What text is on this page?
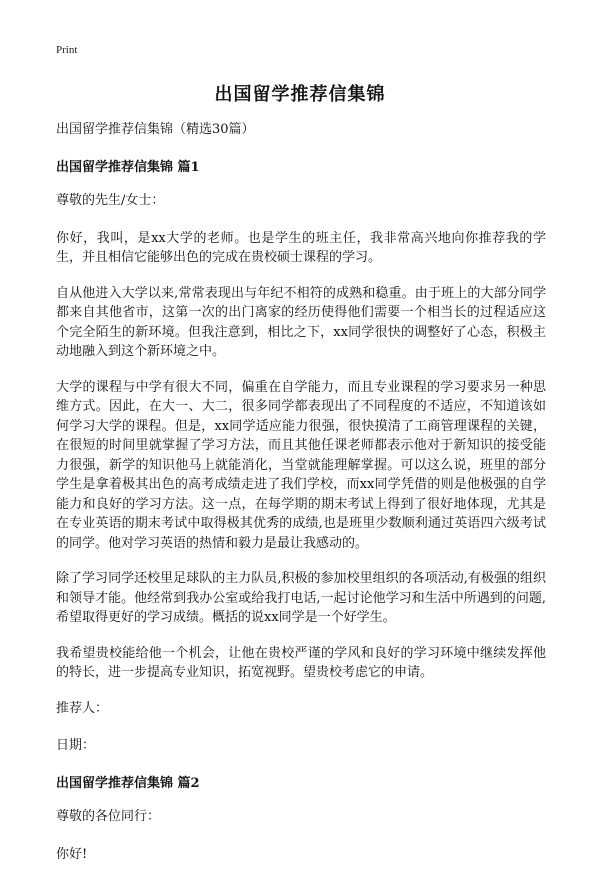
Print
出国留学推荐信集锦

出国留学推荐信集锦（精选30篇）

出国留学推荐信集锦 篇1

尊敬的先生/女士：

你好，我叫，是xx大学的老师。也是学生的班主任，我非常高兴地向你推荐我的学生，并且相信它能够出色的完成在贵校硕士课程的学习。

自从他进入大学以来,常常表现出与年纪不相符的成熟和稳重。由于班上的大部分同学都来自其他省市，这第一次的出门离家的经历使得他们需要一个相当长的过程适应这个完全陌生的新环境。但我注意到，相比之下，xx同学很快的调整好了心态，积极主动地融入到这个新环境之中。

大学的课程与中学有很大不同，偏重在自学能力，而且专业课程的学习要求另一种思维方式。因此，在大一、大二，很多同学都表现出了不同程度的不适应，不知道该如何学习大学的课程。但是，xx同学适应能力很强，很快摸清了工商管理课程的关键，在很短的时间里就掌握了学习方法，而且其他任课老师都表示他对于新知识的接受能力很强，新学的知识他马上就能消化，当堂就能理解掌握。可以这么说，班里的部分学生是拿着极其出色的高考成绩走进了我们学校，而xx同学凭借的则是他极强的自学能力和良好的学习方法。这一点，在每学期的期末考试上得到了很好地体现，尤其是在专业英语的期末考试中取得极其优秀的成绩,也是班里少数顺利通过英语四六级考试的同学。他对学习英语的热情和毅力是最让我感动的。

除了学习同学还校里足球队的主力队员,积极的参加校里组织的各项活动,有极强的组织和领导才能。他经常到我办公室或给我打电话,一起讨论他学习和生活中所遇到的问题,希望取得更好的学习成绩。概括的说xx同学是一个好学生。

我希望贵校能给他一个机会，让他在贵校严谨的学风和良好的学习环境中继续发挥他的特长，进一步提高专业知识，拓宽视野。望贵校考虑它的申请。

推荐人：

日期：

出国留学推荐信集锦 篇2

尊敬的各位同行：

你好!
